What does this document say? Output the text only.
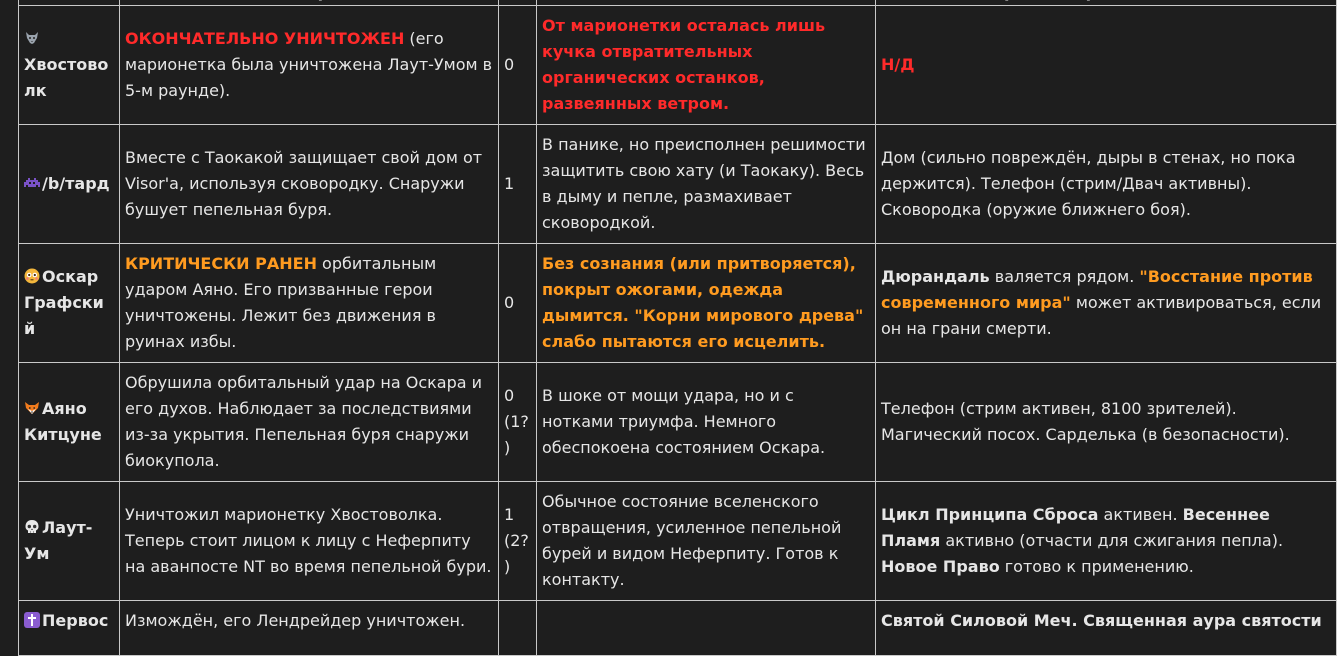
Хвостоволк	ОКОНЧАТЕЛЬНО УНИЧТОЖЕН (его марионетка была уничтожена Лаут-Умом в 5-м раунде).	0	От марионетки осталась лишь кучка отвратительных органических останков, развеянных ветром.	Н/Д

/b/тард	Вместе с Таокакой защищает свой дом от Visor'а, используя сковородку. Снаружи бушует пепельная буря.	1	В панике, но преисполнен решимости защитить свою хату (и Таокаку). Весь в дыму и пепле, размахивает сковородкой.	Дом (сильно повреждён, дыры в стенах, но пока держится). Телефон (стрим/Двач активны). Сковородка (оружие ближнего боя).

Оскар Графский	КРИТИЧЕСКИ РАНЕН орбитальным ударом Аяно. Его призванные герои уничтожены. Лежит без движения в руинах избы.	0	Без сознания (или притворяется), покрыт ожогами, одежда дымится. "Корни мирового древа" слабо пытаются его исцелить.	Дюрандаль валяется рядом. "Восстание против современного мира" может активироваться, если он на грани смерти.

Аяно Китцуне	Обрушила орбитальный удар на Оскара и его духов. Наблюдает за последствиями из-за укрытия. Пепельная буря снаружи биокупола.	0 (1?)	В шоке от мощи удара, но и с нотками триумфа. Немного обеспокоена состоянием Оскара.	Телефон (стрим активен, 8100 зрителей). Магический посох. Сарделька (в безопасности).

Лаут-Ум	Уничтожил марионетку Хвостоволка. Теперь стоит лицом к лицу с Неферпиту на аванпосте NT во время пепельной бури.	1 (2?)	Обычное состояние вселенского отвращения, усиленное пепельной бурей и видом Неферпиту. Готов к контакту.	Цикл Принципа Сброса активен. Весеннее Пламя активно (отчасти для сжигания пепла). Новое Право готово к применению.

Первос	Измождён, его Лендрейдер уничтожен.			Святой Силовой Меч. Священная аура святости
